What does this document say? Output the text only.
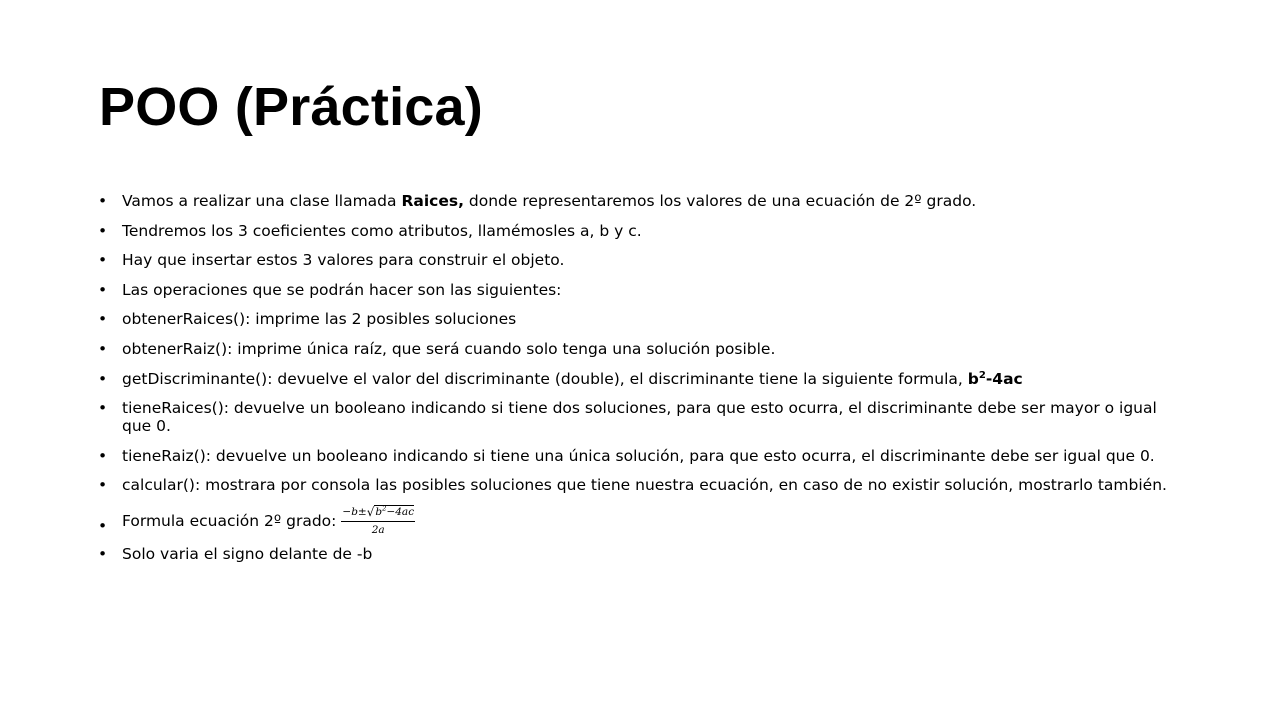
POO (Práctica)
• Vamos a realizar una clase llamada Raices, donde representaremos los valores de una ecuación de 2º grado.
• Tendremos los 3 coeficientes como atributos, llamémosles a, b y c.
• Hay que insertar estos 3 valores para construir el objeto.
• Las operaciones que se podrán hacer son las siguientes:
• obtenerRaices(): imprime las 2 posibles soluciones
• obtenerRaiz(): imprime única raíz, que será cuando solo tenga una solución posible.
• getDiscriminante(): devuelve el valor del discriminante (double), el discriminante tiene la siguiente formula, $b^2-4ac$
• tieneRaices(): devuelve un booleano indicando si tiene dos soluciones, para que esto ocurra, el discriminante debe ser mayor o igual que 0.
• tieneRaiz(): devuelve un booleano indicando si tiene una única solución, para que esto ocurra, el discriminante debe ser igual que 0.
• calcular(): mostrara por consola las posibles soluciones que tiene nuestra ecuación, en caso de no existir solución, mostrarlo también.
• Formula ecuación 2º grado: $\frac{-b\pm √ b^2-4ac}{2a}$
• Solo varia el signo delante de -b
